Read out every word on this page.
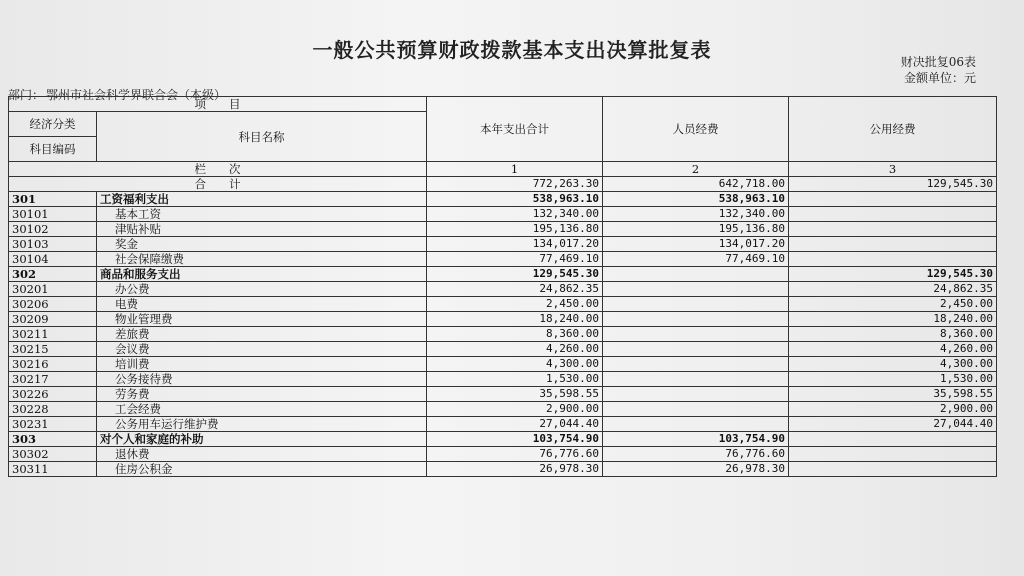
一般公共预算财政拨款基本支出决算批复表	财决批复06表
金额单位：元
部门： 鄂州市社会科学界联合会（本级）
项　　目		本年支出合计	人员经费	公用经费
经济分类	科目名称			
科目编码				
栏　　次		1	2	3
合　　计		772,263.30	642,718.00	129,545.30
301	工资福利支出	538,963.10	538,963.10	
30101	基本工资	132,340.00	132,340.00	
30102	津贴补贴	195,136.80	195,136.80	
30103	奖金	134,017.20	134,017.20	
30104	社会保障缴费	77,469.10	77,469.10	
302	商品和服务支出	129,545.30		129,545.30
30201	办公费	24,862.35		24,862.35
30206	电费	2,450.00		2,450.00
30209	物业管理费	18,240.00		18,240.00
30211	差旅费	8,360.00		8,360.00
30215	会议费	4,260.00		4,260.00
30216	培训费	4,300.00		4,300.00
30217	公务接待费	1,530.00		1,530.00
30226	劳务费	35,598.55		35,598.55
30228	工会经费	2,900.00		2,900.00
30231	公务用车运行维护费	27,044.40		27,044.40
303	对个人和家庭的补助	103,754.90	103,754.90	
30302	退休费	76,776.60	76,776.60	
30311	住房公积金	26,978.30	26,978.30	
